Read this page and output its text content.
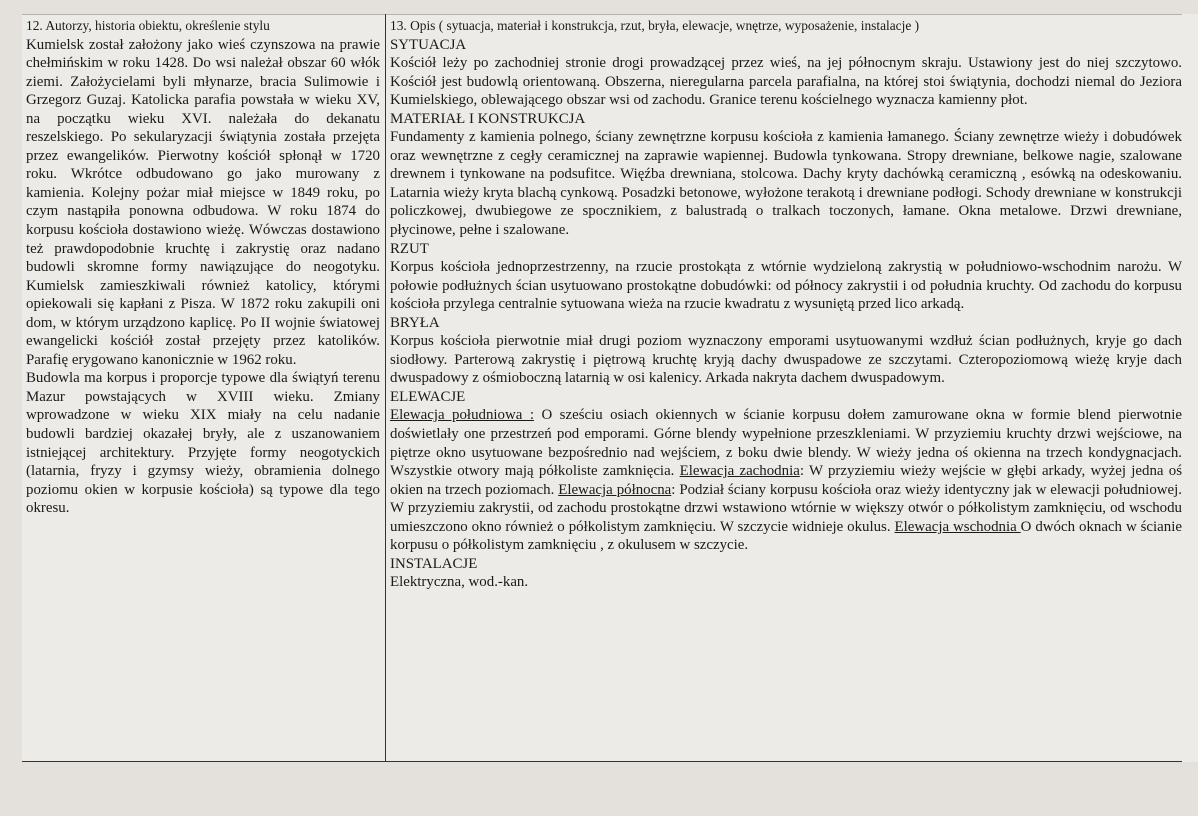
12. Autorzy, historia obiektu, określenie stylu

Kumielsk został założony jako wieś czynszowa na prawie chełmińskim w roku 1428. Do wsi należał obszar 60 włók ziemi. Założycielami byli młynarze, bracia Sulimowie i Grzegorz Guzaj. Katolicka parafia powstała w wieku XV, na początku wieku XVI. należała do dekanatu reszelskiego. Po sekularyzacji świątynia została przejęta przez ewangelików. Pierwotny kościół spłonął w 1720 roku. Wkrótce odbudowano go jako murowany z kamienia. Kolejny pożar miał miejsce w 1849 roku, po czym nastąpiła ponowna odbudowa. W roku 1874 do korpusu kościoła dostawiono wieżę. Wówczas dostawiono też prawdopodobnie kruchtę i zakrystię oraz nadano budowli skromne formy nawiązujące do neogotyku. Kumielsk zamieszkiwali również katolicy, którymi opiekowali się kapłani z Pisza. W 1872 roku zakupili oni dom, w którym urządzono kaplicę. Po II wojnie światowej ewangelicki kościół został przejęty przez katolików. Parafię erygowano kanonicznie w 1962 roku.

Budowla ma korpus i proporcje typowe dla świątyń terenu Mazur powstających w XVIII wieku. Zmiany wprowadzone w wieku XIX miały na celu nadanie budowli bardziej okazałej bryły, ale z uszanowaniem istniejącej architektury. Przyjęte formy neogotyckich (latarnia, fryzy i gzymsy wieży, obramienia dolnego poziomu okien w korpusie kościoła) są typowe dla tego okresu.

13. Opis ( sytuacja, materiał i konstrukcja, rzut, bryła, elewacje, wnętrze, wyposażenie, instalacje )
SYTUACJA

Kościół leży po zachodniej stronie drogi prowadzącej przez wieś, na jej północnym skraju. Ustawiony jest do niej szczytowo. Kościół jest budowlą orientowaną. Obszerna, nieregularna parcela parafialna, na której stoi świątynia, dochodzi niemal do Jeziora Kumielskiego, oblewającego obszar wsi od zachodu. Granice terenu kościelnego wyznacza kamienny płot.

MATERIAŁ I KONSTRUKCJA

Fundamenty z kamienia polnego, ściany zewnętrzne korpusu kościoła z kamienia łamanego. Ściany zewnętrze wieży i dobudówek oraz wewnętrzne z cegły ceramicznej na zaprawie wapiennej. Budowla tynkowana. Stropy drewniane, belkowe nagie, szalowane drewnem i tynkowane na podsufitce. Więźba drewniana, stolcowa. Dachy kryty dachówką ceramiczną , esówką na odeskowaniu. Latarnia wieży kryta blachą cynkową. Posadzki betonowe, wyłożone terakotą i drewniane podłogi. Schody drewniane w konstrukcji policzkowej, dwubiegowe ze spocznikiem, z balustradą o tralkach toczonych, łamane. Okna metalowe. Drzwi drewniane, płycinowe, pełne i szalowane.

RZUT

Korpus kościoła jednoprzestrzenny, na rzucie prostokąta z wtórnie wydzieloną zakrystią w południowo-wschodnim narożu. W połowie podłużnych ścian usytuowano prostokątne dobudówki: od północy zakrystii i od południa kruchty. Od zachodu do korpusu kościoła przylega centralnie sytuowana wieża na rzucie kwadratu z wysuniętą przed lico arkadą.

BRYŁA

Korpus kościoła pierwotnie miał drugi poziom wyznaczony emporami usytuowanymi wzdłuż ścian podłużnych, kryje go dach siodłowy. Parterową zakrystię i piętrową kruchtę kryją dachy dwuspadowe ze szczytami. Czteropoziomową wieżę kryje dach dwuspadowy z ośmioboczną latarnią w osi kalenicy. Arkada nakryta dachem dwuspadowym.

ELEWACJE

Elewacja południowa : O sześciu osiach okiennych w ścianie korpusu dołem zamurowane okna w formie blend pierwotnie doświetlały one przestrzeń pod emporami. Górne blendy wypełnione przeszkleniami. W przyziemiu kruchty drzwi wejściowe, na piętrze okno usytuowane bezpośrednio nad wejściem, z boku dwie blendy. W wieży jedna oś okienna na trzech kondygnacjach. Wszystkie otwory mają półkoliste zamknięcia. Elewacja zachodnia: W przyziemiu wieży wejście w głębi arkady, wyżej jedna oś okien na trzech poziomach. Elewacja północna: Podział ściany korpusu kościoła oraz wieży identyczny jak w elewacji południowej. W przyziemiu zakrystii, od zachodu prostokątne drzwi wstawiono wtórnie w większy otwór o półkolistym zamknięciu, od wschodu umieszczono okno również o półkolistym zamknięciu. W szczycie widnieje okulus. Elewacja wschodnia O dwóch oknach w ścianie korpusu o półkolistym zamknięciu , z okulusem w szczycie.

INSTALACJE

Elektryczna, wod.-kan.
